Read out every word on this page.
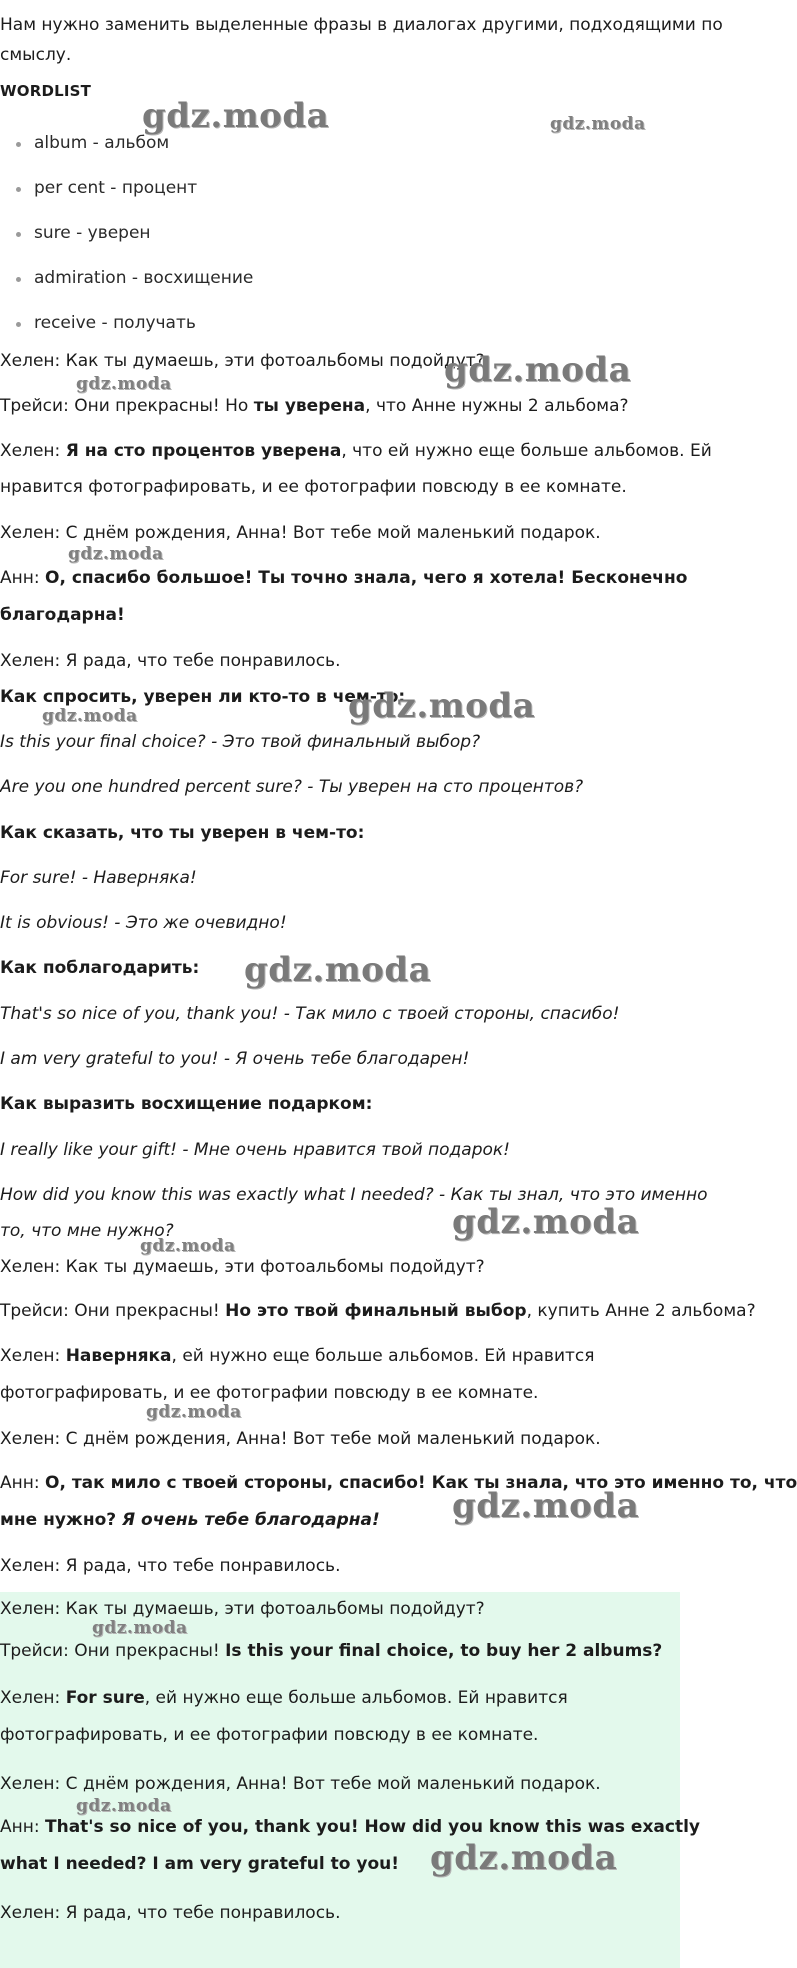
Нам нужно заменить выделенные фразы в диалогах другими, подходящими по

смыслу.

WORDLIST

album - альбом

per cent - процент

sure - уверен

admiration - восхищение

receive - получать

Хелен: Как ты думаешь, эти фотоальбомы подойдут?

Трейси: Они прекрасны! Но ты уверена, что Анне нужны 2 альбома?

Хелен: Я на сто процентов уверена, что ей нужно еще больше альбомов. Ей

нравится фотографировать, и ее фотографии повсюду в ее комнате.

Хелен: С днём рождения, Анна! Вот тебе мой маленький подарок.

Анн: О, спасибо большое! Ты точно знала, чего я хотела! Бесконечно

благодарна!

Хелен: Я рада, что тебе понравилось.

Как спросить, уверен ли кто-то в чем-то:

Is this your final choice? - Это твой финальный выбор?

Are you one hundred percent sure? - Ты уверен на сто процентов?

Как сказать, что ты уверен в чем-то:

For sure! - Наверняка!

It is obvious! - Это же очевидно!

Как поблагодарить:

That's so nice of you, thank you! - Так мило с твоей стороны, спасибо!

I am very grateful to you! - Я очень тебе благодарен!

Как выразить восхищение подарком:

I really like your gift! - Мне очень нравится твой подарок!

How did you know this was exactly what I needed? - Как ты знал, что это именно

то, что мне нужно?

Хелен: Как ты думаешь, эти фотоальбомы подойдут?

Трейси: Они прекрасны! Но это твой финальный выбор, купить Анне 2 альбома?

Хелен: Наверняка, ей нужно еще больше альбомов. Ей нравится

фотографировать, и ее фотографии повсюду в ее комнате.

Хелен: С днём рождения, Анна! Вот тебе мой маленький подарок.

Анн: О, так мило с твоей стороны, спасибо! Как ты знала, что это именно то, что

мне нужно? Я очень тебе благодарна!

Хелен: Я рада, что тебе понравилось.

Хелен: Как ты думаешь, эти фотоальбомы подойдут?

Трейси: Они прекрасны! Is this your final choice, to buy her 2 albums?

Хелен: For sure, ей нужно еще больше альбомов. Ей нравится

фотографировать, и ее фотографии повсюду в ее комнате.

Хелен: С днём рождения, Анна! Вот тебе мой маленький подарок.

Анн: That's so nice of you, thank you! How did you know this was exactly

what I needed? I am very grateful to you!

Хелен: Я рада, что тебе понравилось.

gdz.moda	gdz.moda
gdz.moda
gdz.moda
gdz.moda
gdz.moda
gdz.moda
gdz.moda
gdz.moda
gdz.moda
gdz.moda
gdz.moda
gdz.moda
gdz.moda
gdz.moda
